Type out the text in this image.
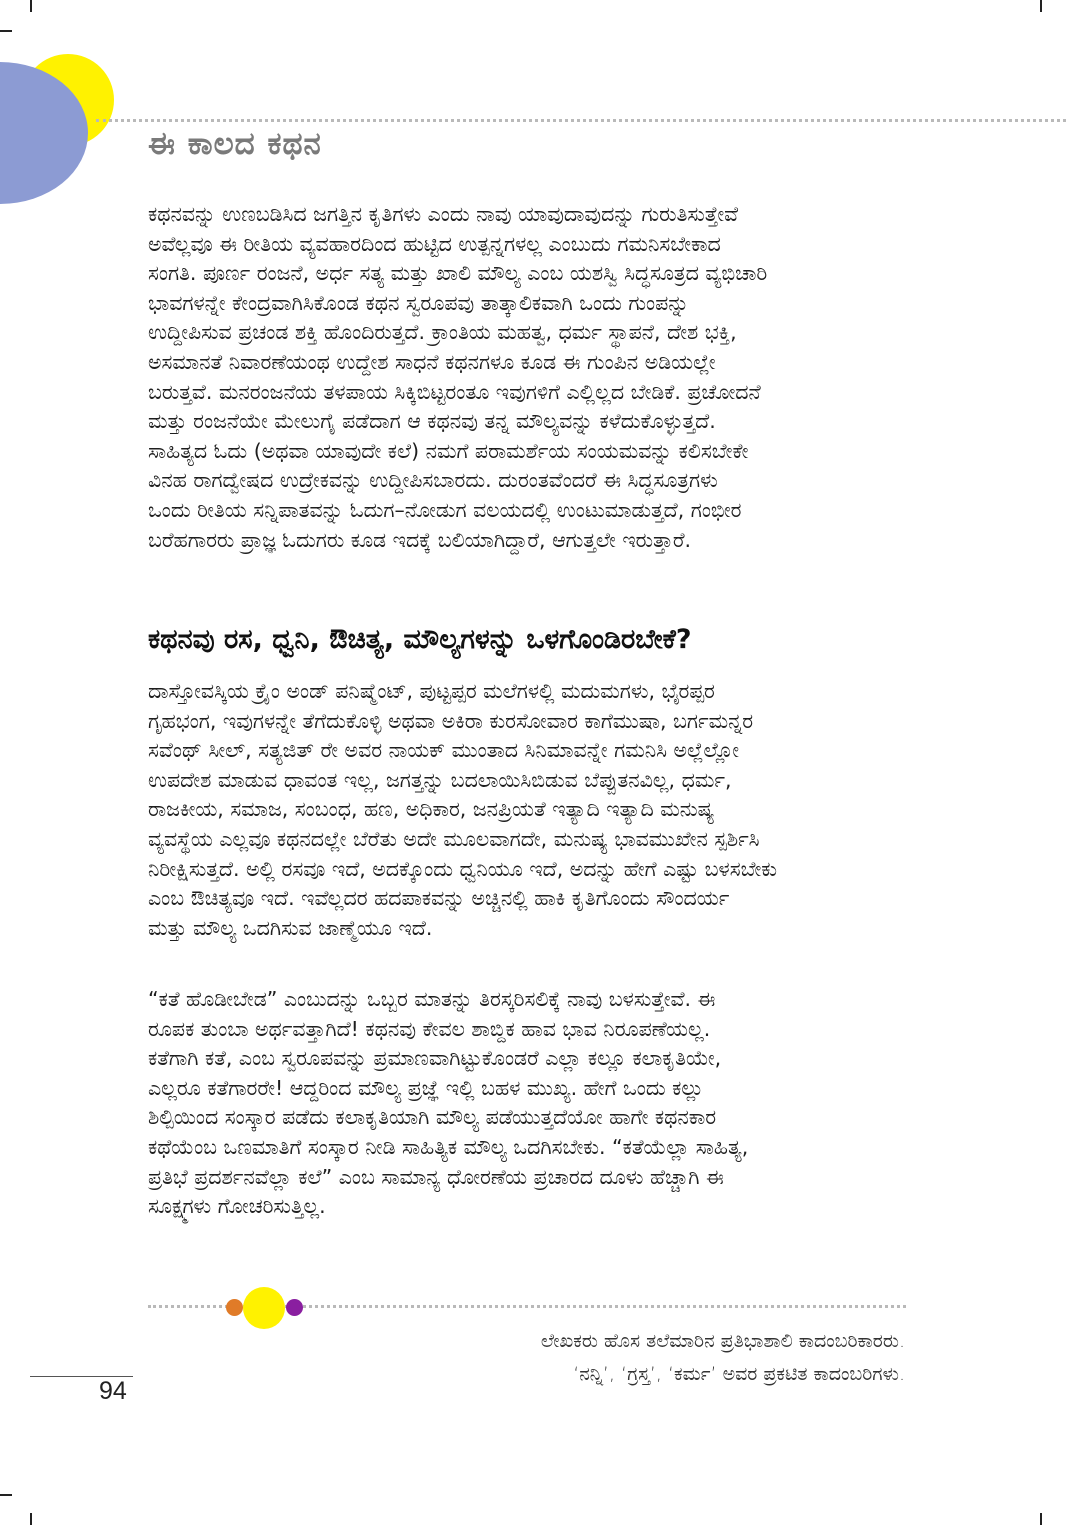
ಈ ಕಾಲದ ಕಥನ

ಕಥನವನ್ನು ಉಣಬಡಿಸಿದ ಜಗತ್ತಿನ ಕೃತಿಗಳು ಎಂದು ನಾವು ಯಾವುದಾವುದನ್ನು ಗುರುತಿಸುತ್ತೇವೆ
ಅವೆಲ್ಲವೂ ಈ ರೀತಿಯ ವ್ಯವಹಾರದಿಂದ ಹುಟ್ಟಿದ ಉತ್ಪನ್ನಗಳಲ್ಲ ಎಂಬುದು ಗಮನಿಸಬೇಕಾದ
ಸಂಗತಿ. ಪೂರ್ಣ ರಂಜನೆ, ಅರ್ಧ ಸತ್ಯ ಮತ್ತು ಖಾಲಿ ಮೌಲ್ಯ ಎಂಬ ಯಶಸ್ವಿ ಸಿದ್ಧಸೂತ್ರದ ವ್ಯಭಿಚಾರಿ
ಭಾವಗಳನ್ನೇ ಕೇಂದ್ರವಾಗಿಸಿಕೊಂಡ ಕಥನ ಸ್ವರೂಪವು ತಾತ್ಕಾಲಿಕವಾಗಿ ಒಂದು ಗುಂಪನ್ನು
ಉದ್ದೀಪಿಸುವ ಪ್ರಚಂಡ ಶಕ್ತಿ ಹೊಂದಿರುತ್ತದೆ. ಕ್ರಾಂತಿಯ ಮಹತ್ವ, ಧರ್ಮ ಸ್ಥಾಪನೆ, ದೇಶ ಭಕ್ತಿ,
ಅಸಮಾನತೆ ನಿವಾರಣೆಯಂಥ ಉದ್ದೇಶ ಸಾಧನೆ ಕಥನಗಳೂ ಕೂಡ ಈ ಗುಂಪಿನ ಅಡಿಯಲ್ಲೇ
ಬರುತ್ತವೆ. ಮನರಂಜನೆಯ ತಳಪಾಯ ಸಿಕ್ಕಿಬಿಟ್ಟರಂತೂ ಇವುಗಳಿಗೆ ಎಲ್ಲಿಲ್ಲದ ಬೇಡಿಕೆ. ಪ್ರಚೋದನೆ
ಮತ್ತು ರಂಜನೆಯೇ ಮೇಲುಗೈ ಪಡೆದಾಗ ಆ ಕಥನವು ತನ್ನ ಮೌಲ್ಯವನ್ನು ಕಳೆದುಕೊಳ್ಳುತ್ತದೆ.
ಸಾಹಿತ್ಯದ ಓದು (ಅಥವಾ ಯಾವುದೇ ಕಲೆ) ನಮಗೆ ಪರಾಮರ್ಶೆಯ ಸಂಯಮವನ್ನು ಕಲಿಸಬೇಕೇ
ವಿನಹ ರಾಗದ್ವೇಷದ ಉದ್ರೇಕವನ್ನು ಉದ್ದೀಪಿಸಬಾರದು. ದುರಂತವೆಂದರೆ ಈ ಸಿದ್ಧಸೂತ್ರಗಳು
ಒಂದು ರೀತಿಯ ಸನ್ನಿಪಾತವನ್ನು ಓದುಗ–ನೋಡುಗ ವಲಯದಲ್ಲಿ ಉಂಟುಮಾಡುತ್ತದೆ, ಗಂಭೀರ
ಬರೆಹಗಾರರು ಪ್ರಾಜ್ಞ ಓದುಗರು ಕೂಡ ಇದಕ್ಕೆ ಬಲಿಯಾಗಿದ್ದಾರೆ, ಆಗುತ್ತಲೇ ಇರುತ್ತಾರೆ.

ಕಥನವು ರಸ, ಧ್ವನಿ, ಔಚಿತ್ಯ, ಮೌಲ್ಯಗಳನ್ನು ಒಳಗೊಂಡಿರಬೇಕೆ?

ದಾಸ್ತೋವಸ್ಕಿಯ ಕ್ರೈಂ ಅಂಡ್ ಪನಿಷ್ಮೆಂಟ್, ಪುಟ್ಟಪ್ಪರ ಮಲೆಗಳಲ್ಲಿ ಮದುಮಗಳು, ಭೈರಪ್ಪರ
ಗೃಹಭಂಗ, ಇವುಗಳನ್ನೇ ತೆಗೆದುಕೊಳ್ಳಿ ಅಥವಾ ಅಕಿರಾ ಕುರಸೋವಾರ ಕಾಗೆಮುಷಾ, ಬರ್ಗಮನ್ನರ
ಸವೆಂಥ್ ಸೀಲ್, ಸತ್ಯಜಿತ್ ರೇ ಅವರ ನಾಯಕ್ ಮುಂತಾದ ಸಿನಿಮಾವನ್ನೇ ಗಮನಿಸಿ ಅಲ್ಲೆಲ್ಲೋ
ಉಪದೇಶ ಮಾಡುವ ಧಾವಂತ ಇಲ್ಲ, ಜಗತ್ತನ್ನು ಬದಲಾಯಿಸಿಬಿಡುವ ಬೆಪ್ಪುತನವಿಲ್ಲ, ಧರ್ಮ,
ರಾಜಕೀಯ, ಸಮಾಜ, ಸಂಬಂಧ, ಹಣ, ಅಧಿಕಾರ, ಜನಪ್ರಿಯತೆ ಇತ್ಯಾದಿ ಇತ್ಯಾದಿ ಮನುಷ್ಯ
ವ್ಯವಸ್ಥೆಯ ಎಲ್ಲವೂ ಕಥನದಲ್ಲೇ ಬೆರೆತು ಅದೇ ಮೂಲವಾಗದೇ, ಮನುಷ್ಯ ಭಾವಮುಖೇನ ಸ್ಪರ್ಶಿಸಿ
ನಿರೀಕ್ಷಿಸುತ್ತದೆ. ಅಲ್ಲಿ ರಸವೂ ಇದೆ, ಅದಕ್ಕೊಂದು ಧ್ವನಿಯೂ ಇದೆ, ಅದನ್ನು ಹೇಗೆ ಎಷ್ಟು ಬಳಸಬೇಕು
ಎಂಬ ಔಚಿತ್ಯವೂ ಇದೆ. ಇವೆಲ್ಲದರ ಹದಪಾಕವನ್ನು ಅಚ್ಚಿನಲ್ಲಿ ಹಾಕಿ ಕೃತಿಗೊಂದು ಸೌಂದರ್ಯ
ಮತ್ತು ಮೌಲ್ಯ ಒದಗಿಸುವ ಜಾಣ್ಮೆಯೂ ಇದೆ.

“ಕತೆ ಹೊಡೀಬೇಡ” ಎಂಬುದನ್ನು ಒಬ್ಬರ ಮಾತನ್ನು ತಿರಸ್ಕರಿಸಲಿಕ್ಕೆ ನಾವು ಬಳಸುತ್ತೇವೆ. ಈ
ರೂಪಕ ತುಂಬಾ ಅರ್ಥವತ್ತಾಗಿದೆ! ಕಥನವು ಕೇವಲ ಶಾಬ್ದಿಕ ಹಾವ ಭಾವ ನಿರೂಪಣೆಯಲ್ಲ.
ಕತೆಗಾಗಿ ಕತೆ, ಎಂಬ ಸ್ವರೂಪವನ್ನು ಪ್ರಮಾಣವಾಗಿಟ್ಟುಕೊಂಡರೆ ಎಲ್ಲಾ ಕಲ್ಲೂ ಕಲಾಕೃತಿಯೇ,
ಎಲ್ಲರೂ ಕತೆಗಾರರೇ! ಆದ್ದರಿಂದ ಮೌಲ್ಯ ಪ್ರಜ್ಞೆ ಇಲ್ಲಿ ಬಹಳ ಮುಖ್ಯ. ಹೇಗೆ ಒಂದು ಕಲ್ಲು
ಶಿಲ್ಪಿಯಿಂದ ಸಂಸ್ಕಾರ ಪಡೆದು ಕಲಾಕೃತಿಯಾಗಿ ಮೌಲ್ಯ ಪಡೆಯುತ್ತದೆಯೋ ಹಾಗೇ ಕಥನಕಾರ
ಕಥೆಯೆಂಬ ಒಣಮಾತಿಗೆ ಸಂಸ್ಕಾರ ನೀಡಿ ಸಾಹಿತ್ಯಿಕ ಮೌಲ್ಯ ಒದಗಿಸಬೇಕು. “ಕತೆಯೆಲ್ಲಾ ಸಾಹಿತ್ಯ,
ಪ್ರತಿಭೆ ಪ್ರದರ್ಶನವೆಲ್ಲಾ ಕಲೆ” ಎಂಬ ಸಾಮಾನ್ಯ ಧೋರಣೆಯ ಪ್ರಚಾರದ ದೂಳು ಹೆಚ್ಚಾಗಿ ಈ
ಸೂಕ್ಷ್ಮಗಳು ಗೋಚರಿಸುತ್ತಿಲ್ಲ.

ಲೇಖಕರು ಹೊಸ ತಲೆಮಾರಿನ ಪ್ರತಿಭಾಶಾಲಿ ಕಾದಂಬರಿಕಾರರು.
‘ನನ್ನಿ’, ‘ಗ್ರಸ್ತ’, ‘ಕರ್ಮ’ ಅವರ ಪ್ರಕಟಿತ ಕಾದಂಬರಿಗಳು.

94
